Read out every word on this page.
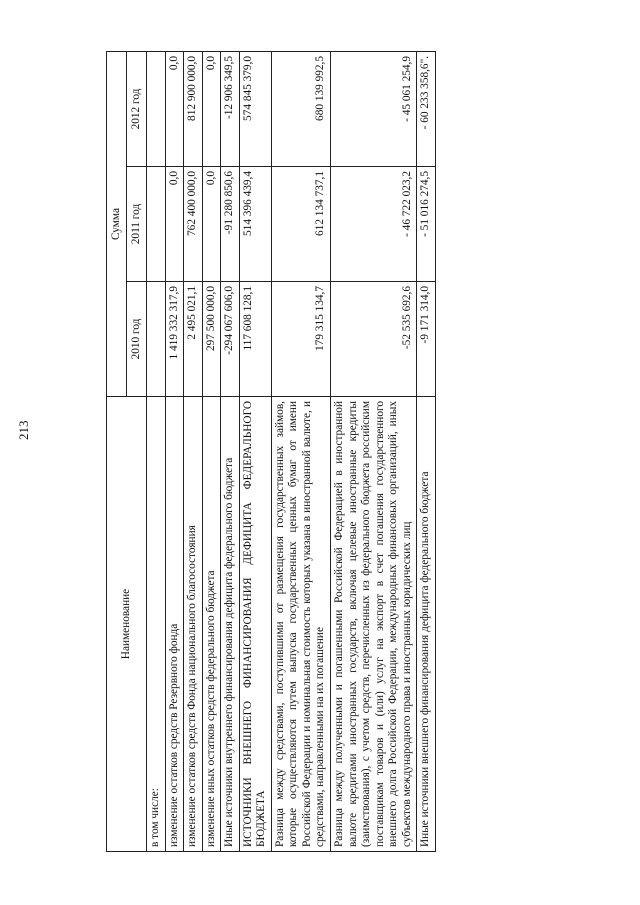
213
Наименование	Сумма		
	2010 год	2011 год	2012 год
в том числе:			
изменение остатков средств Резервного фонда	1 419 332 317,9	0,0	0,0
изменение остатков средств Фонда национального благосостояния	2 495 021,1	762 400 000,0	812 900 000,0
изменение иных остатков средств федерального бюджета	297 500 000,0	0,0	0,0
Иные источники внутреннего финансирования дефицита федерального бюджета	-294 067 606,0	-91 280 850,6	-12 906 349,5
ИСТОЧНИКИ ВНЕШНЕГО ФИНАНСИРОВАНИЯ ДЕФИЦИТА ФЕДЕРАЛЬНОГО БЮДЖЕТА	117 608 128,1	514 396 439,4	574 845 379,0
Разница между средствами, поступившими от размещения государственных займов, которые осуществляются путем выпуска государственных ценных бумаг от имени Российской Федерации и номинальная стоимость которых указана в иностранной валюте, и средствами, направленными на их погашение	179 315 134,7	612 134 737,1	680 139 992,5
Разница между полученными и погашенными Российской Федерацией в иностранной валюте кредитами иностранных государств, включая целевые иностранные кредиты (заимствования), с учетом средств, перечисленных из федерального бюджета российским поставщикам товаров и (или) услуг на экспорт в счет погашения государственного внешнего долга Российской Федерации, международных финансовых организаций, иных субъектов международного права и иностранных юридических лиц	-52 535 692,6	- 46 722 023,2	- 45 061 254,9
Иные источники внешнего финансирования дефицита федерального бюджета	-9 171 314,0	- 51 016 274,5	- 60 233 358,6".
